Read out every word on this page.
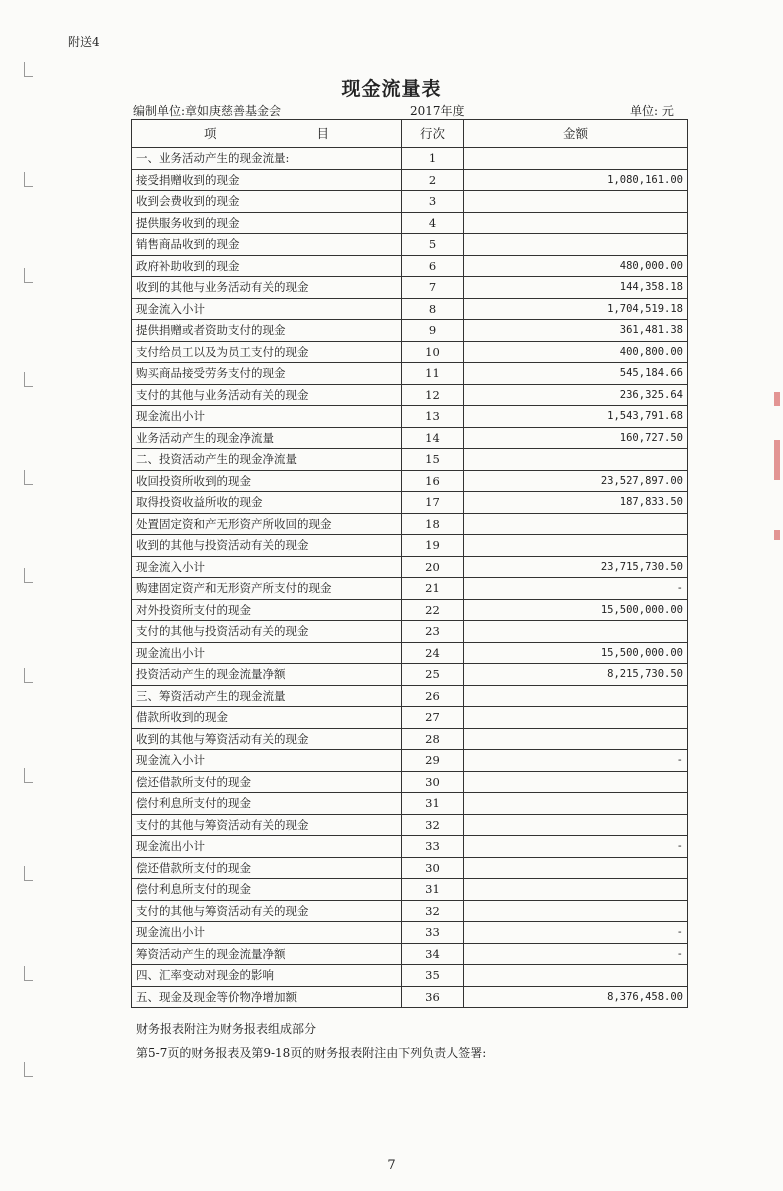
附送4
现金流量表
编制单位:章如庚慈善基金会	2017年度	单位: 元
项 目	行次	金额
一、业务活动产生的现金流量:	1	
接受捐赠收到的现金	2	1,080,161.00
收到会费收到的现金	3	
提供服务收到的现金	4	
销售商品收到的现金	5	
政府补助收到的现金	6	480,000.00
收到的其他与业务活动有关的现金	7	144,358.18
现金流入小计	8	1,704,519.18
提供捐赠或者资助支付的现金	9	361,481.38
支付给员工以及为员工支付的现金	10	400,800.00
购买商品接受劳务支付的现金	11	545,184.66
支付的其他与业务活动有关的现金	12	236,325.64
现金流出小计	13	1,543,791.68
业务活动产生的现金净流量	14	160,727.50
二、投资活动产生的现金净流量	15	
收回投资所收到的现金	16	23,527,897.00
取得投资收益所收的现金	17	187,833.50
处置固定资和产无形资产所收回的现金	18	
收到的其他与投资活动有关的现金	19	
现金流入小计	20	23,715,730.50
购建固定资产和无形资产所支付的现金	21	-
对外投资所支付的现金	22	15,500,000.00
支付的其他与投资活动有关的现金	23	
现金流出小计	24	15,500,000.00
投资活动产生的现金流量净额	25	8,215,730.50
三、筹资活动产生的现金流量	26	
借款所收到的现金	27	
收到的其他与筹资活动有关的现金	28	
现金流入小计	29	-
偿还借款所支付的现金	30	
偿付利息所支付的现金	31	
支付的其他与筹资活动有关的现金	32	
现金流出小计	33	-
偿还借款所支付的现金	30	
偿付利息所支付的现金	31	
支付的其他与筹资活动有关的现金	32	
现金流出小计	33	-
筹资活动产生的现金流量净额	34	-
四、汇率变动对现金的影响	35	
五、现金及现金等价物净增加额	36	8,376,458.00
财务报表附注为财务报表组成部分
第5-7页的财务报表及第9-18页的财务报表附注由下列负责人签署:
7
